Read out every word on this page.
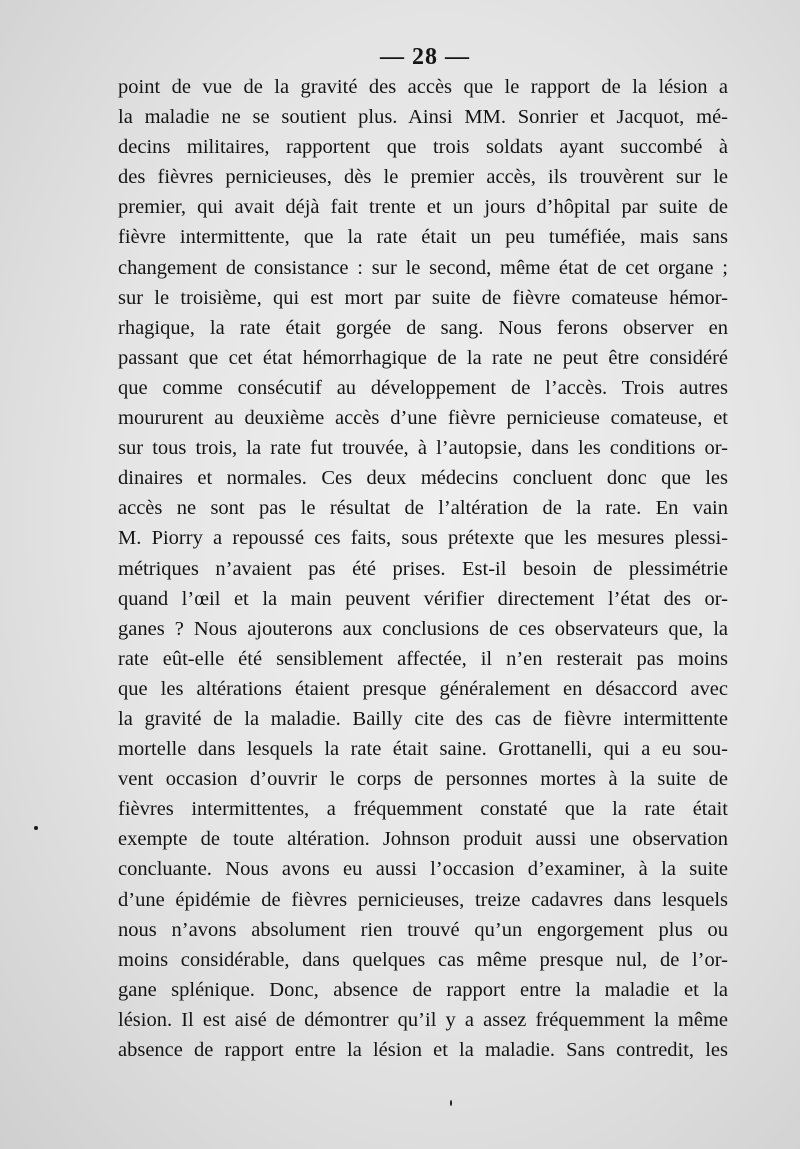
— 28 —
point de vue de la gravité des accès que le rapport de la lésion a
la maladie ne se soutient plus. Ainsi MM. Sonrier et Jacquot, mé-
decins militaires, rapportent que trois soldats ayant succombé à
des fièvres pernicieuses, dès le premier accès, ils trouvèrent sur le
premier, qui avait déjà fait trente et un jours d’hôpital par suite de
fièvre intermittente, que la rate était un peu tuméfiée, mais sans
changement de consistance : sur le second, même état de cet organe ;
sur le troisième, qui est mort par suite de fièvre comateuse hémor-
rhagique, la rate était gorgée de sang. Nous ferons observer en
passant que cet état hémorrhagique de la rate ne peut être considéré
que comme consécutif au développement de l’accès. Trois autres
moururent au deuxième accès d’une fièvre pernicieuse comateuse, et
sur tous trois, la rate fut trouvée, à l’autopsie, dans les conditions or-
dinaires et normales. Ces deux médecins concluent donc que les
accès ne sont pas le résultat de l’altération de la rate. En vain
M. Piorry a repoussé ces faits, sous prétexte que les mesures plessi-
métriques n’avaient pas été prises. Est-il besoin de plessimétrie
quand l’œil et la main peuvent vérifier directement l’état des or-
ganes ? Nous ajouterons aux conclusions de ces observateurs que, la
rate eût-elle été sensiblement affectée, il n’en resterait pas moins
que les altérations étaient presque généralement en désaccord avec
la gravité de la maladie. Bailly cite des cas de fièvre intermittente
mortelle dans lesquels la rate était saine. Grottanelli, qui a eu sou-
vent occasion d’ouvrir le corps de personnes mortes à la suite de
fièvres intermittentes, a fréquemment constaté que la rate était
exempte de toute altération. Johnson produit aussi une observation
concluante. Nous avons eu aussi l’occasion d’examiner, à la suite
d’une épidémie de fièvres pernicieuses, treize cadavres dans lesquels
nous n’avons absolument rien trouvé qu’un engorgement plus ou
moins considérable, dans quelques cas même presque nul, de l’or-
gane splénique. Donc, absence de rapport entre la maladie et la
lésion. Il est aisé de démontrer qu’il y a assez fréquemment la même
absence de rapport entre la lésion et la maladie. Sans contredit, les
